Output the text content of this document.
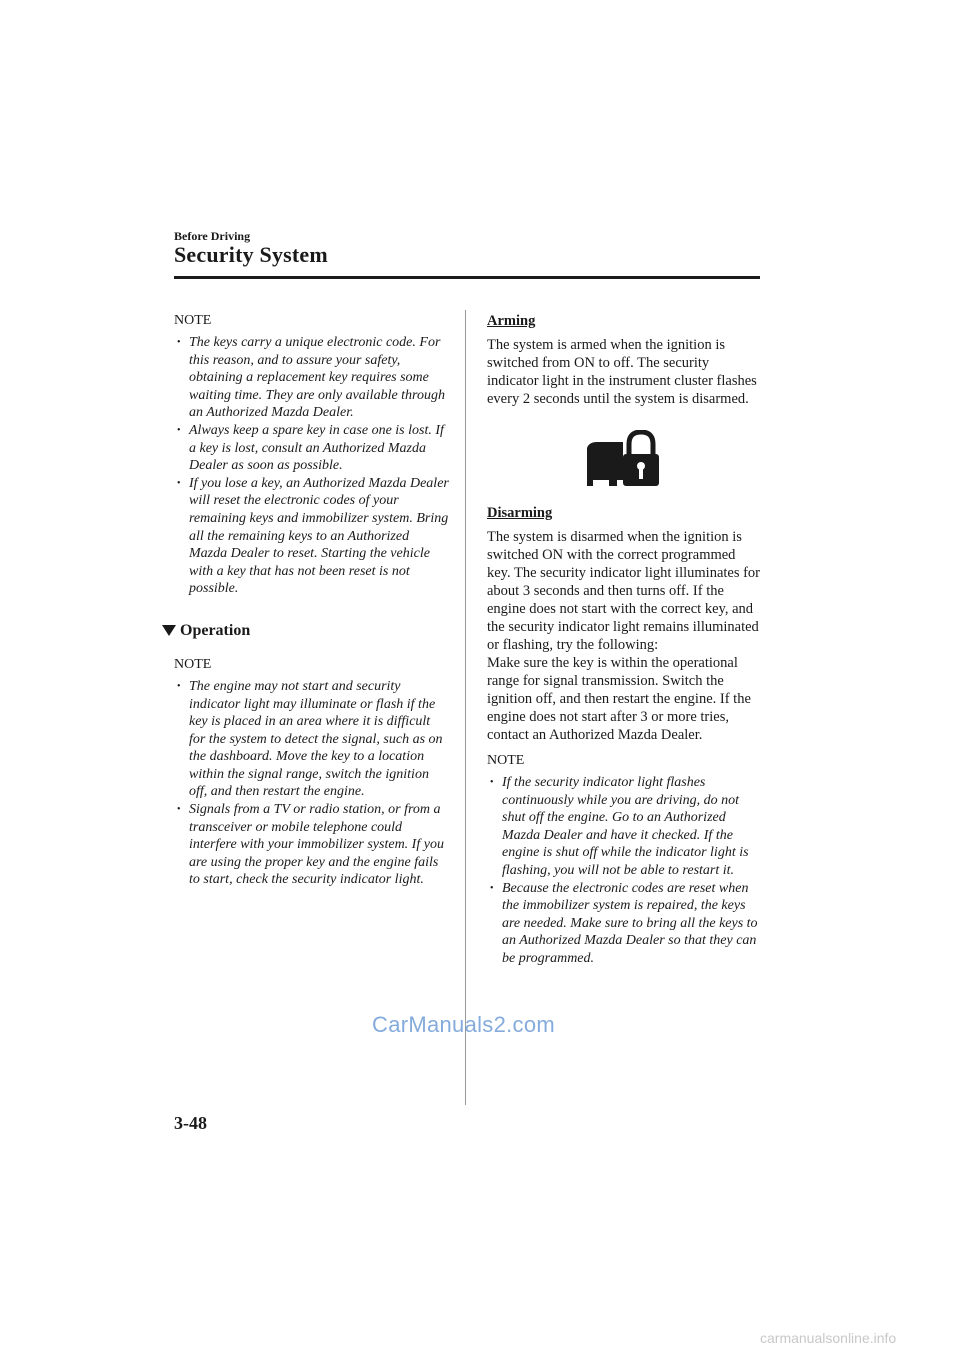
Before Driving
Security System
NOTE
• The keys carry a unique electronic code. For this reason, and to assure your safety, obtaining a replacement key requires some waiting time. They are only available through an Authorized Mazda Dealer.
• Always keep a spare key in case one is lost. If a key is lost, consult an Authorized Mazda Dealer as soon as possible.
• If you lose a key, an Authorized Mazda Dealer will reset the electronic codes of your remaining keys and immobilizer system. Bring all the remaining keys to an Authorized Mazda Dealer to reset. Starting the vehicle with a key that has not been reset is not possible.
Operation
NOTE
• The engine may not start and security indicator light may illuminate or flash if the key is placed in an area where it is difficult for the system to detect the signal, such as on the dashboard. Move the key to a location within the signal range, switch the ignition off, and then restart the engine.
• Signals from a TV or radio station, or from a transceiver or mobile telephone could interfere with your immobilizer system. If you are using the proper key and the engine fails to start, check the security indicator light.
Arming

The system is armed when the ignition is switched from ON to off. The security indicator light in the instrument cluster flashes every 2 seconds until the system is disarmed.

Disarming

The system is disarmed when the ignition is switched ON with the correct programmed key. The security indicator light illuminates for about 3 seconds and then turns off. If the engine does not start with the correct key, and the security indicator light remains illuminated or flashing, try the following:

Make sure the key is within the operational range for signal transmission. Switch the ignition off, and then restart the engine. If the engine does not start after 3 or more tries, contact an Authorized Mazda Dealer.

NOTE
• If the security indicator light flashes continuously while you are driving, do not shut off the engine. Go to an Authorized Mazda Dealer and have it checked. If the engine is shut off while the indicator light is flashing, you will not be able to restart it.
• Because the electronic codes are reset when the immobilizer system is repaired, the keys are needed. Make sure to bring all the keys to an Authorized Mazda Dealer so that they can be programmed.
3-48
CarManuals2.com
carmanualsonline.info
